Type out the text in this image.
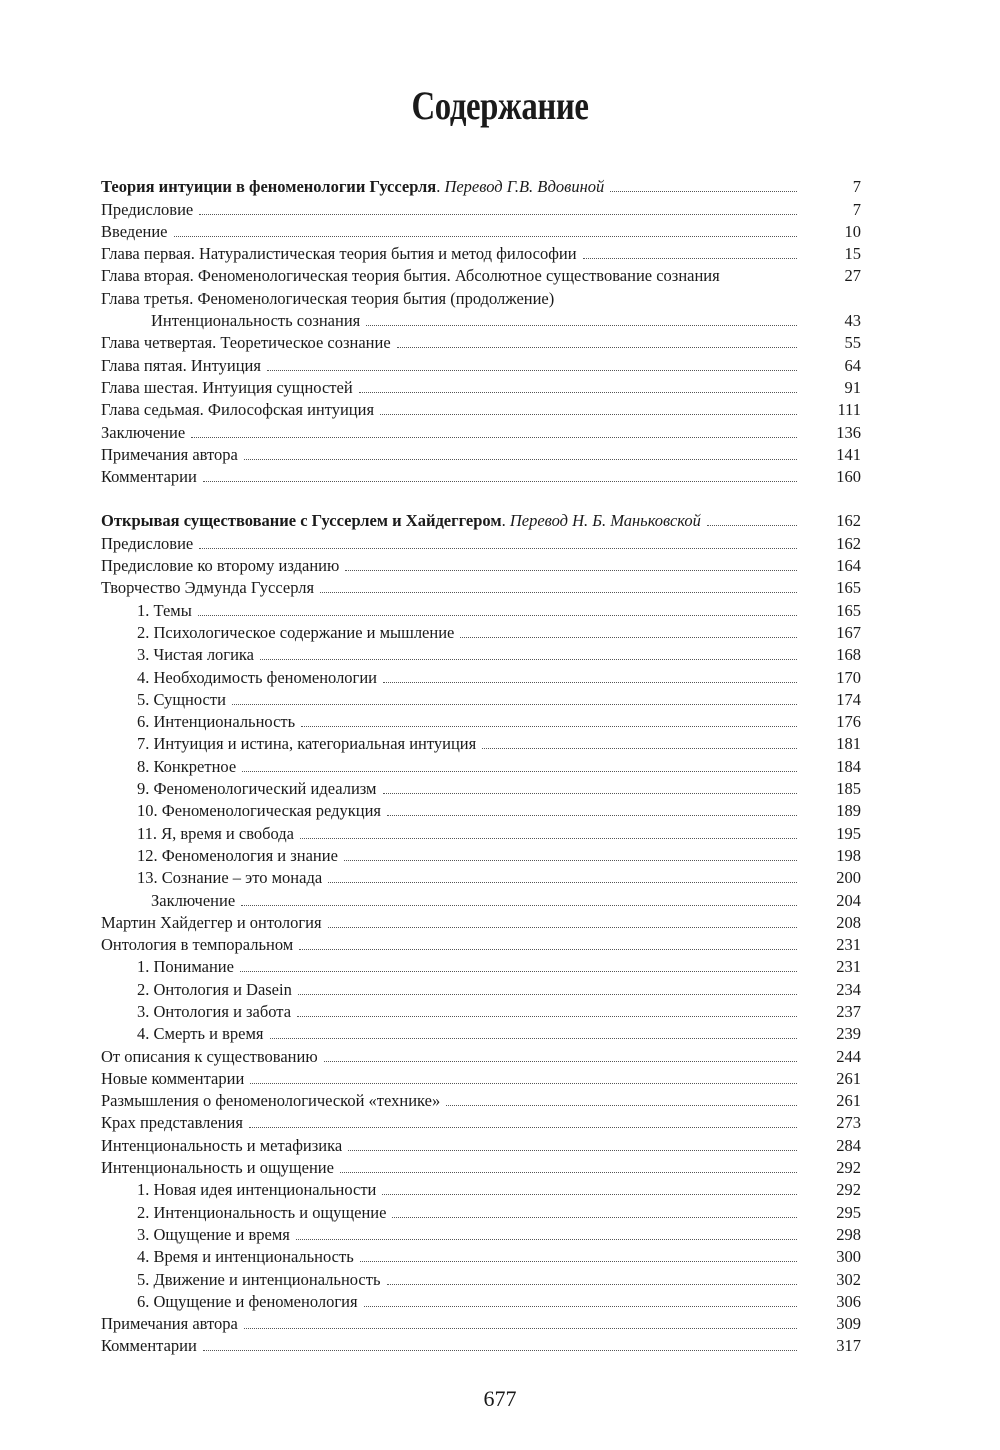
Содержание
Теория интуиции в феноменологии Гуссерля. Перевод Г.В. Вдовиной	7
Предисловие	7
Введение	10
Глава первая. Натуралистическая теория бытия и метод философии	15
Глава вторая. Феноменологическая теория бытия. Абсолютное существование сознания	27
Глава третья. Феноменологическая теория бытия (продолжение)
Интенциональность сознания	43
Глава четвертая. Теоретическое сознание	55
Глава пятая. Интуиция	64
Глава шестая. Интуиция сущностей	91
Глава седьмая. Философская интуиция	111
Заключение	136
Примечания автора	141
Комментарии	160
Открывая существование с Гуссерлем и Хайдеггером. Перевод Н. Б. Маньковской	162
Предисловие	162
Предисловие ко второму изданию	164
Творчество Эдмунда Гуссерля	165
1. Темы	165
2. Психологическое содержание и мышление	167
3. Чистая логика	168
4. Необходимость феноменологии	170
5. Сущности	174
6. Интенциональность	176
7. Интуиция и истина, категориальная интуиция	181
8. Конкретное	184
9. Феноменологический идеализм	185
10. Феноменологическая редукция	189
11. Я, время и свобода	195
12. Феноменология и знание	198
13. Сознание – это монада	200
Заключение	204
Мартин Хайдеггер и онтология	208
Онтология в темпоральном	231
1. Понимание	231
2. Онтология и Dasein	234
3. Онтология и забота	237
4. Смерть и время	239
От описания к существованию	244
Новые комментарии	261
Размышления о феноменологической «технике»	261
Крах представления	273
Интенциональность и метафизика	284
Интенциональность и ощущение	292
1. Новая идея интенциональности	292
2. Интенциональность и ощущение	295
3. Ощущение и время	298
4. Время и интенциональность	300
5. Движение и интенциональность	302
6. Ощущение и феноменология	306
Примечания автора	309
Комментарии	317
677
